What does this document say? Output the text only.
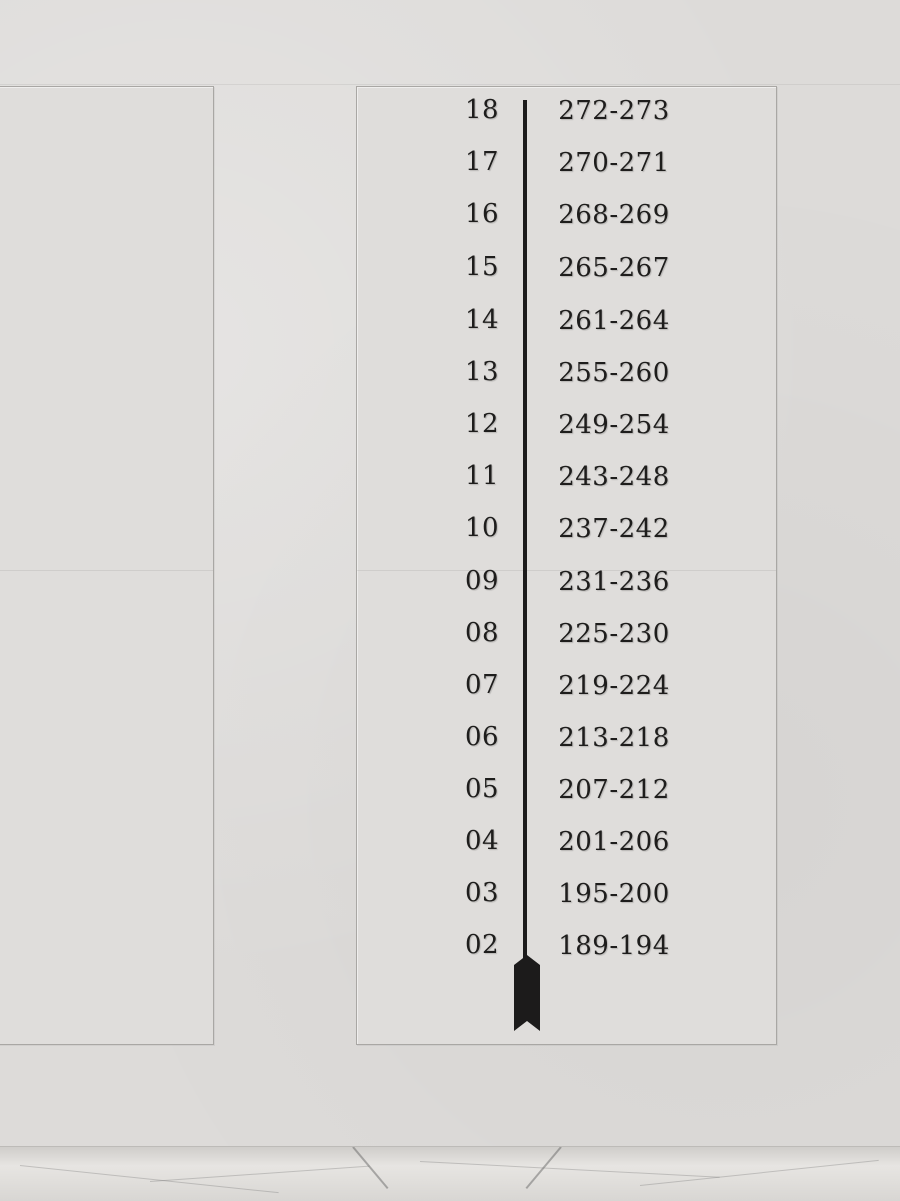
18 272-273
17 270-271
16 268-269
15 265-267
14 261-264
13 255-260
12 249-254
11 243-248
10 237-242
09 231-236
08 225-230
07 219-224
06 213-218
05 207-212
04 201-206
03 195-200
02 189-194
